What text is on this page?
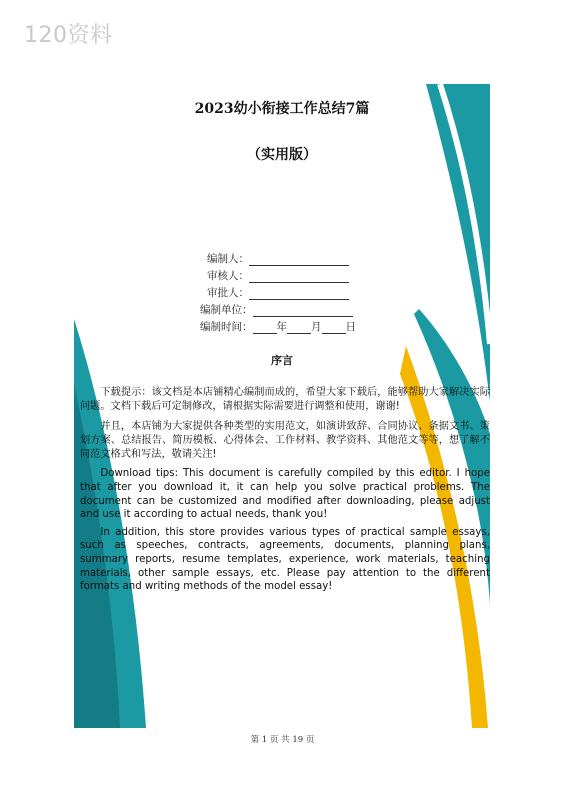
120资料
2023幼小衔接工作总结7篇
（实用版）
编制人：
审核人：
审批人：
编制单位：
编制时间： 年 月 日
序言

下载提示：该文档是本店铺精心编制而成的，希望大家下载后，能够帮助大家解决实际问题。文档下载后可定制修改，请根据实际需要进行调整和使用，谢谢!

并且，本店铺为大家提供各种类型的实用范文，如演讲致辞、合同协议、条据文书、策划方案、总结报告、简历模板、心得体会、工作材料、教学资料、其他范文等等，想了解不同范文格式和写法，敬请关注!

Download tips: This document is carefully compiled by this editor. I hope that after you download it, it can help you solve practical problems. The document can be customized and modified after downloading, please adjust and use it according to actual needs, thank you!

In addition, this store provides various types of practical sample essays, such as speeches, contracts, agreements, documents, planning plans, summary reports, resume templates, experience, work materials, teaching materials, other sample essays, etc. Please pay attention to the different formats and writing methods of the model essay!

第 1 页 共 19 页
